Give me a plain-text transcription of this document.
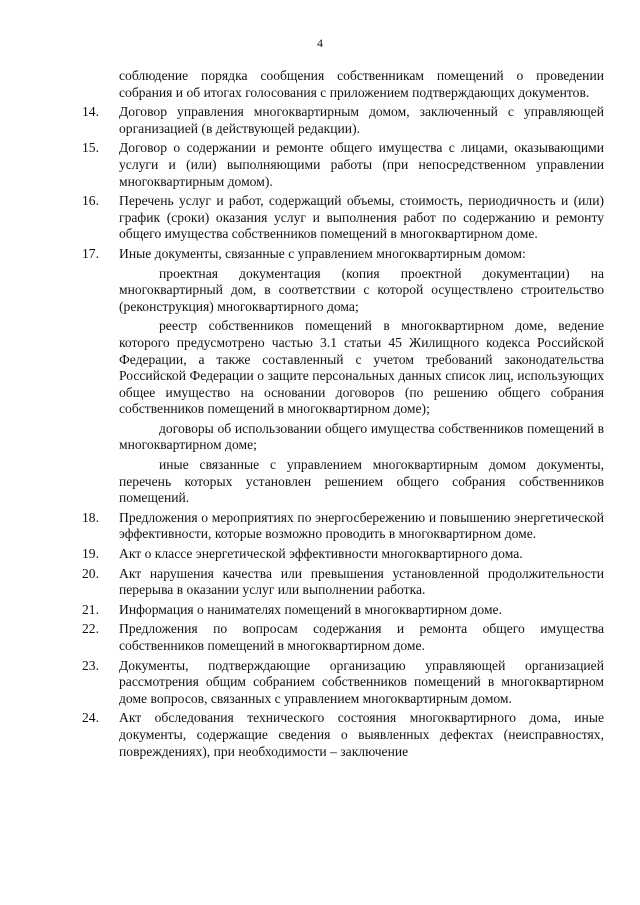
4

соблюдение порядка сообщения собственникам помещений о проведении собрания и об итогах голосования с приложением подтверждающих документов.

14.	Договор управления многоквартирным домом, заключенный с управляющей организацией (в действующей редакции).
15.	Договор о содержании и ремонте общего имущества с лицами, оказывающими услуги и (или) выполняющими работы (при непосредственном управлении многоквартирным домом).
16.	Перечень услуг и работ, содержащий объемы, стоимость, периодичность и (или) график (сроки) оказания услуг и выполнения работ по содержанию и ремонту общего имущества собственников помещений в многоквартирном доме.
17.	Иные документы, связанные с управлением многоквартирным домом:

проектная документация (копия проектной документации) на многоквартирный дом, в соответствии с которой осуществлено строительство (реконструкция) многоквартирного дома;

реестр собственников помещений в многоквартирном доме, ведение которого предусмотрено частью 3.1 статьи 45 Жилищного кодекса Российской Федерации, а также составленный с учетом требований законодательства Российской Федерации о защите персональных данных список лиц, использующих общее имущество на основании договоров (по решению общего собрания собственников помещений в многоквартирном доме);

договоры об использовании общего имущества собственников помещений в многоквартирном доме;

иные связанные с управлением многоквартирным домом документы, перечень которых установлен решением общего собрания собственников помещений.

18.	Предложения о мероприятиях по энергосбережению и повышению энергетической эффективности, которые возможно проводить в многоквартирном доме.
19.	Акт о классе энергетической эффективности многоквартирного дома.
20.	Акт нарушения качества или превышения установленной продолжительности перерыва в оказании услуг или выполнении работка.
21.	Информация о нанимателях помещений в многоквартирном доме.
22.	Предложения по вопросам содержания и ремонта общего имущества собственников помещений в многоквартирном доме.
23.	Документы, подтверждающие организацию управляющей организацией рассмотрения общим собранием собственников помещений в многоквартирном доме вопросов, связанных с управлением многоквартирным домом.
24.	Акт обследования технического состояния многоквартирного дома, иные документы, содержащие сведения о выявленных дефектах (неисправностях, повреждениях), при необходимости – заключение
